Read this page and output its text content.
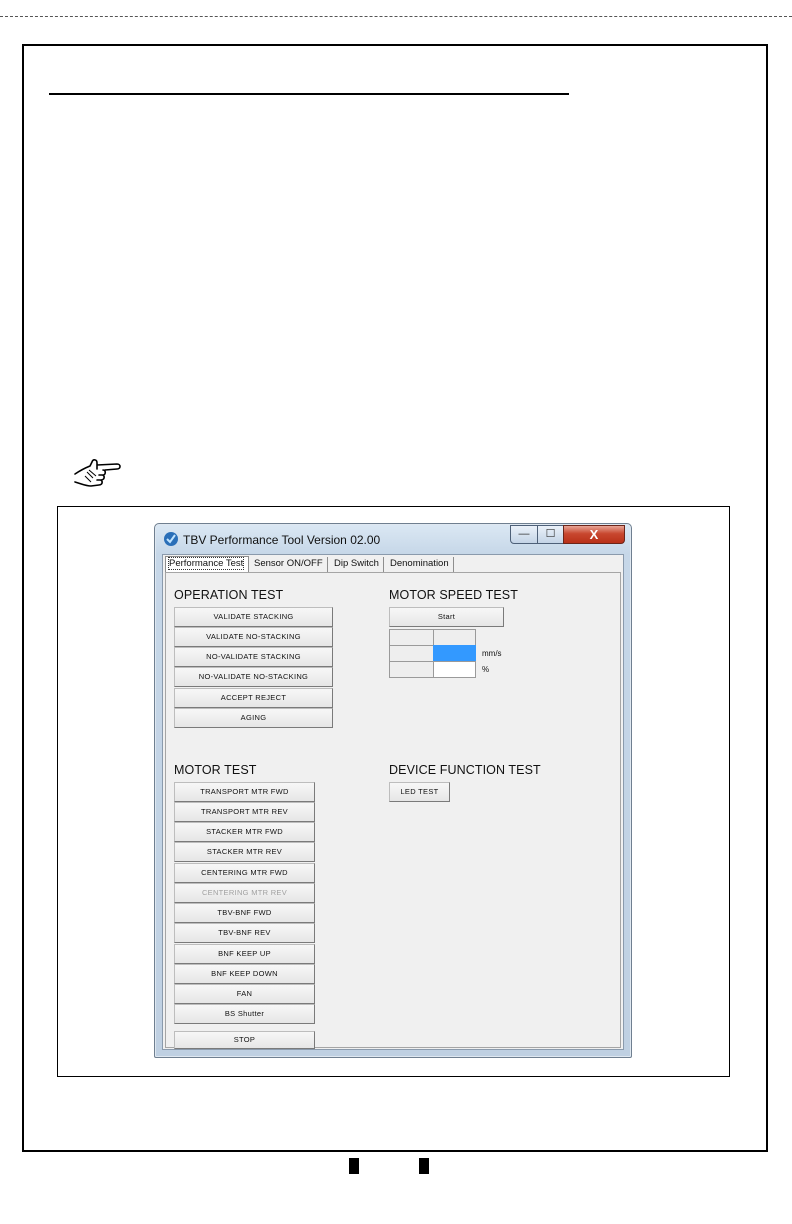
TBV Performance Tool Version 02.00	—	☐	X
Performance Test	Sensor ON/OFF	Dip Switch	Denomination
OPERATION TEST
VALIDATE STACKING
VALIDATE NO-STACKING
NO-VALIDATE STACKING
NO-VALIDATE NO-STACKING
ACCEPT REJECT
AGING
MOTOR SPEED TEST
Start
mm/s
%
MOTOR TEST
TRANSPORT MTR FWD
TRANSPORT MTR REV
STACKER MTR FWD
STACKER MTR REV
CENTERING MTR FWD
CENTERING MTR REV
TBV-BNF FWD
TBV-BNF REV
BNF KEEP UP
BNF KEEP DOWN
FAN
BS Shutter
STOP
DEVICE FUNCTION TEST
LED TEST
